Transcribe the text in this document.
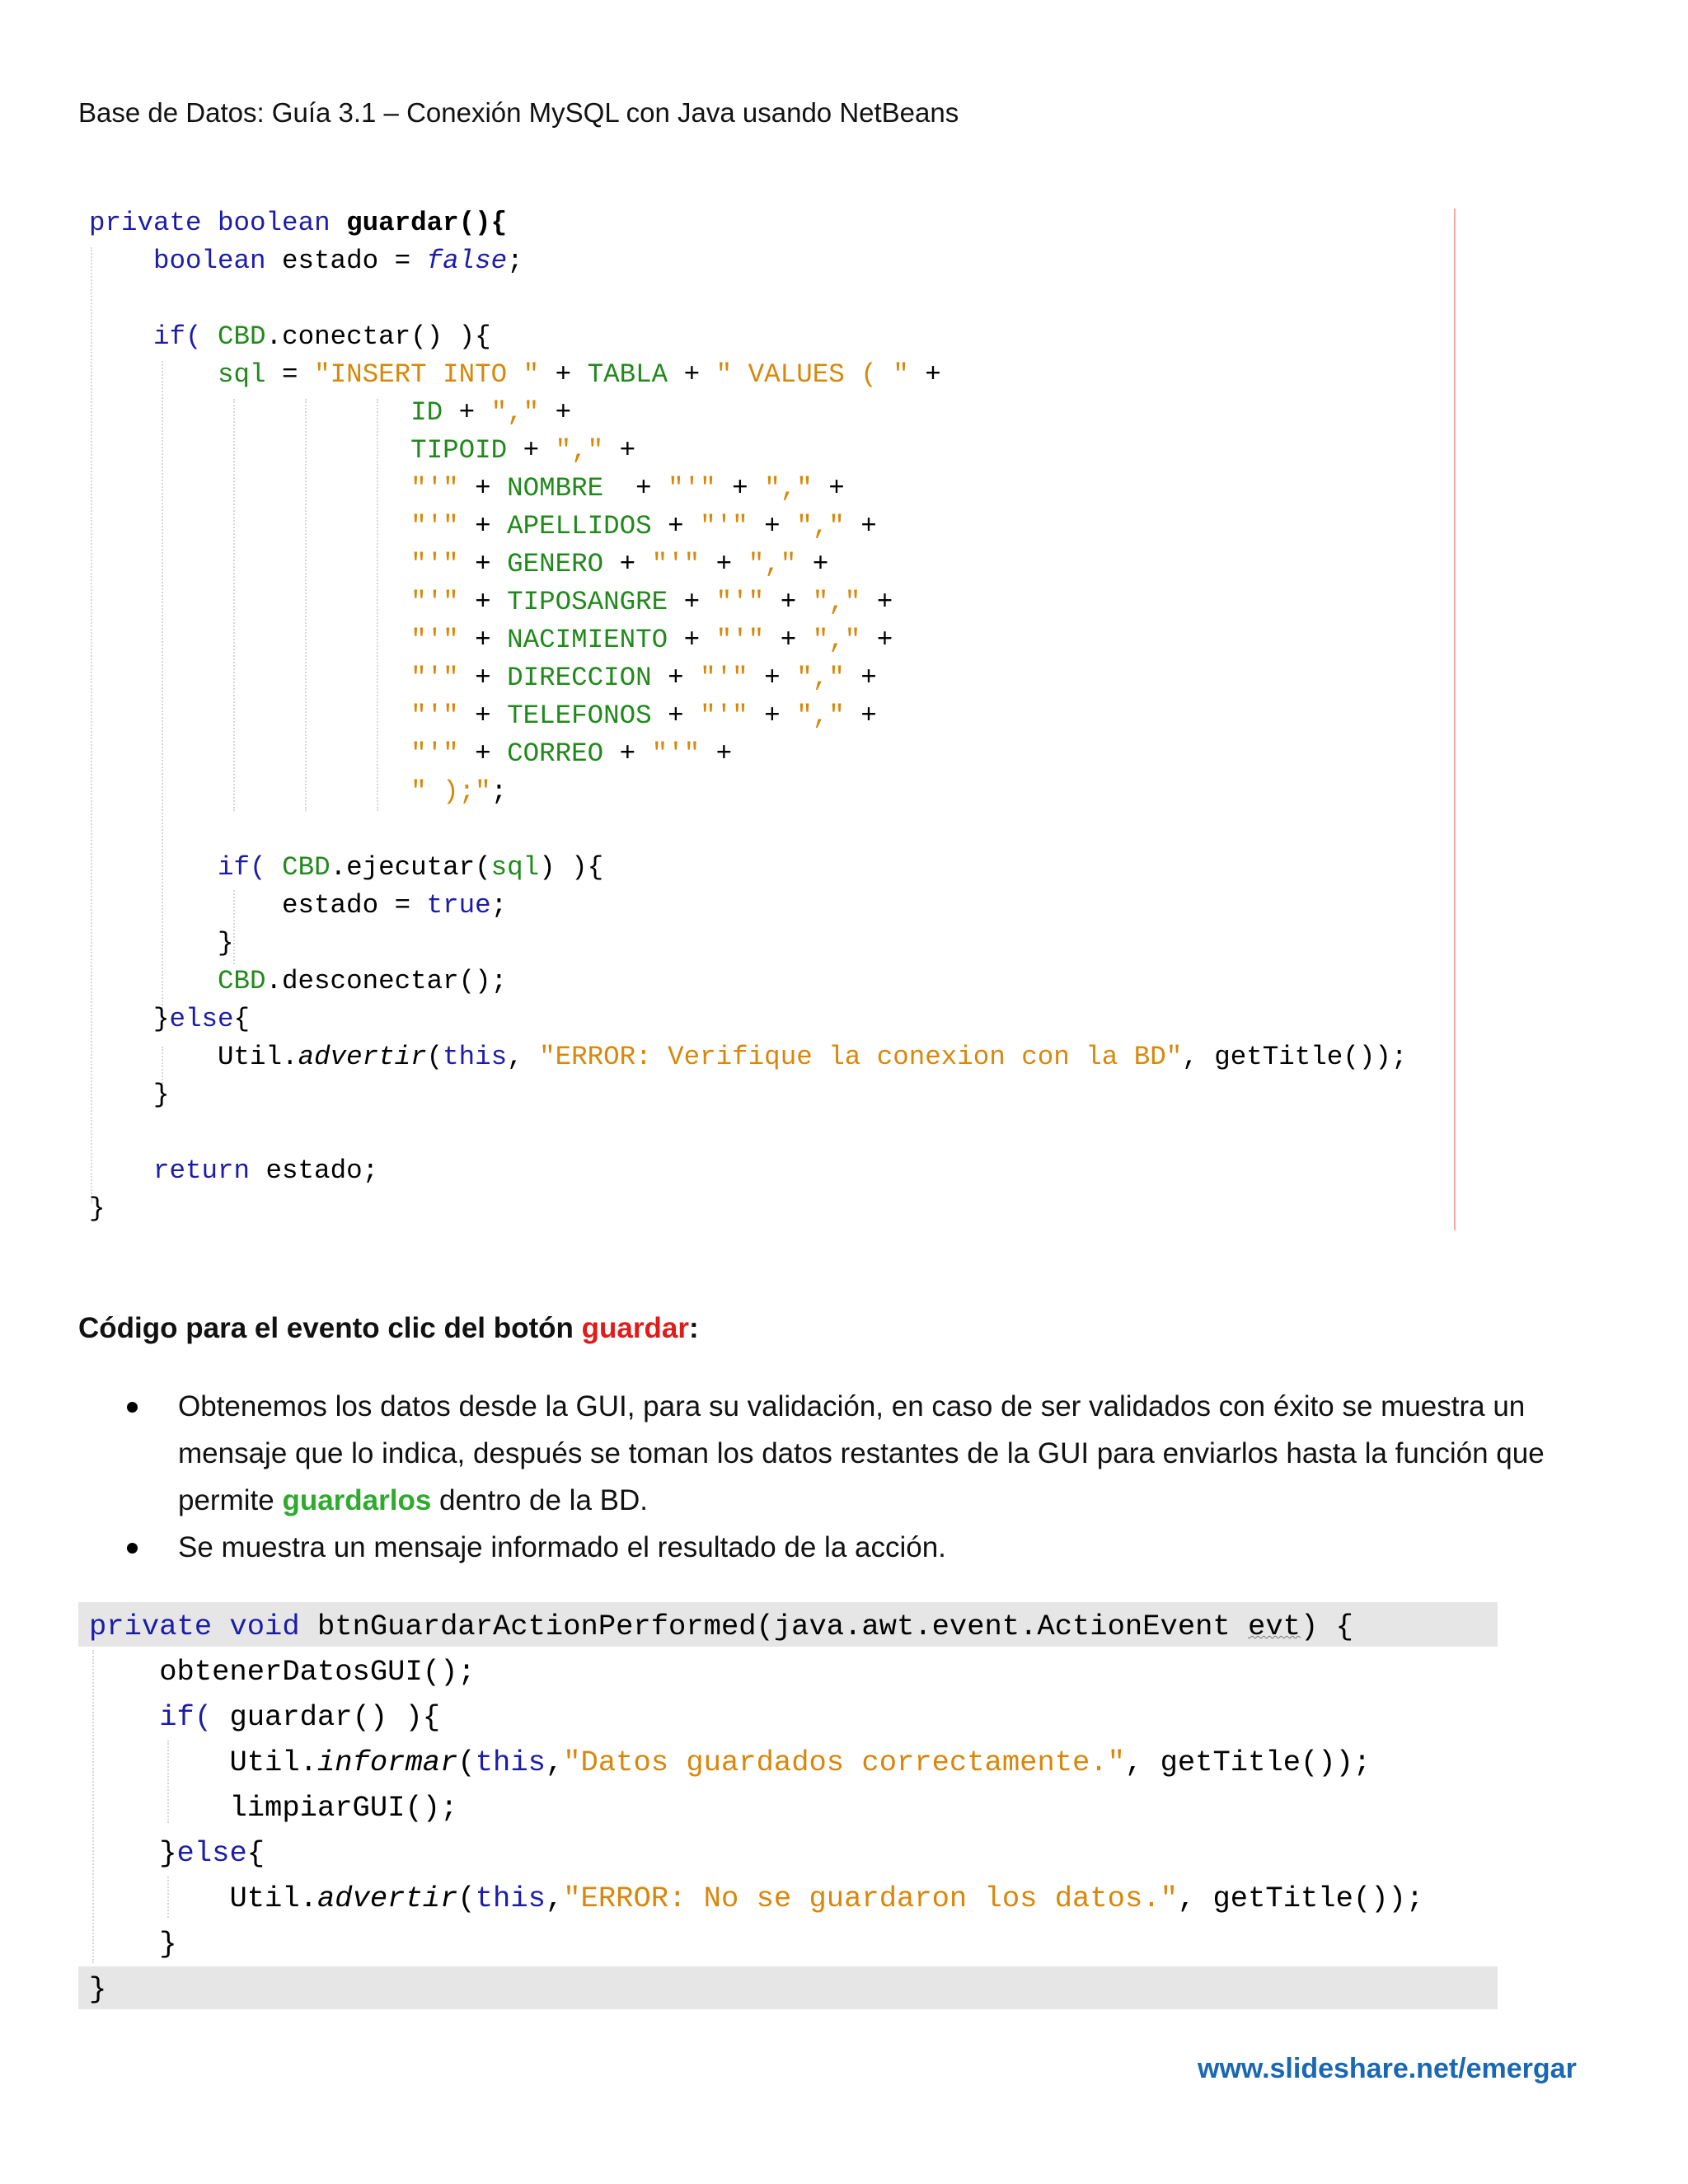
Base de Datos: Guía 3.1 – Conexión MySQL con Java usando NetBeans
private boolean guardar(){
boolean estado = false;

if( CBD.conectar() ){
sql = "INSERT INTO " + TABLA + " VALUES ( " +
ID + "," +
TIPOID + "," +
"'" + NOMBRE  + "'" + "," +
"'" + APELLIDOS + "'" + "," +
"'" + GENERO + "'" + "," +
"'" + TIPOSANGRE + "'" + "," +
"'" + NACIMIENTO + "'" + "," +
"'" + DIRECCION + "'" + "," +
"'" + TELEFONOS + "'" + "," +
"'" + CORREO + "'" +
" );";

if( CBD.ejecutar(sql) ){
estado = true;
}
CBD.desconectar();
}else{
Util.advertir(this, "ERROR: Verifique la conexion con la BD", getTitle());
}

return estado;
}
Código para el evento clic del botón guardar:
Obtenemos los datos desde la GUI, para su validación, en caso de ser validados con éxito se muestra un mensaje que lo indica, después se toman los datos restantes de la GUI para enviarlos hasta la función que permite guardarlos dentro de la BD.
Se muestra un mensaje informado el resultado de la acción.
private void btnGuardarActionPerformed(java.awt.event.ActionEvent evt) {
obtenerDatosGUI();
if( guardar() ){
Util.informar(this,"Datos guardados correctamente.", getTitle());
limpiarGUI();
}else{
Util.advertir(this,"ERROR: No se guardaron los datos.", getTitle());
}
}
www.slideshare.net/emergar
